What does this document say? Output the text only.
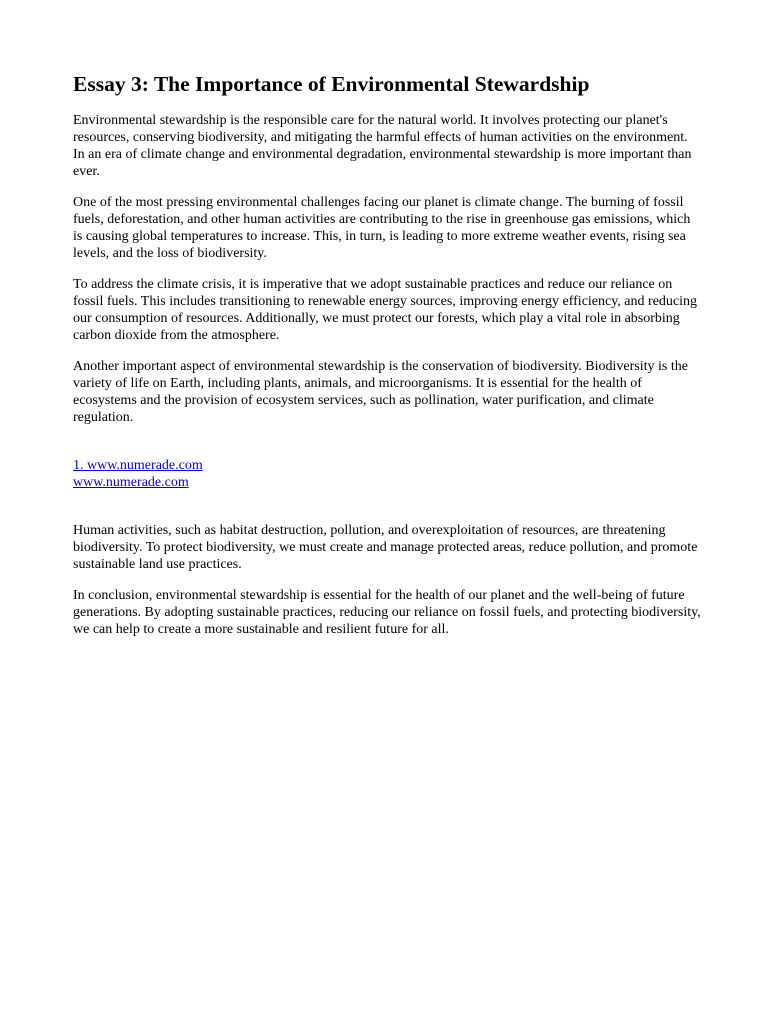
Essay 3: The Importance of Environmental Stewardship

Environmental stewardship is the responsible care for the natural world. It involves protecting our planet's resources, conserving biodiversity, and mitigating the harmful effects of human activities on the environment. In an era of climate change and environmental degradation, environmental stewardship is more important than ever.

One of the most pressing environmental challenges facing our planet is climate change. The burning of fossil fuels, deforestation, and other human activities are contributing to the rise in greenhouse gas emissions, which is causing global temperatures to increase. This, in turn, is leading to more extreme weather events, rising sea levels, and the loss of biodiversity.

To address the climate crisis, it is imperative that we adopt sustainable practices and reduce our reliance on fossil fuels. This includes transitioning to renewable energy sources, improving energy efficiency, and reducing our consumption of resources. Additionally, we must protect our forests, which play a vital role in absorbing carbon dioxide from the atmosphere.

Another important aspect of environmental stewardship is the conservation of biodiversity. Biodiversity is the variety of life on Earth, including plants, animals, and microorganisms. It is essential for the health of ecosystems and the provision of ecosystem services, such as pollination, water purification, and climate regulation.

1. www.numerade.com
www.numerade.com

Human activities, such as habitat destruction, pollution, and overexploitation of resources, are threatening biodiversity. To protect biodiversity, we must create and manage protected areas, reduce pollution, and promote sustainable land use practices.

In conclusion, environmental stewardship is essential for the health of our planet and the well-being of future generations. By adopting sustainable practices, reducing our reliance on fossil fuels, and protecting biodiversity, we can help to create a more sustainable and resilient future for all.
